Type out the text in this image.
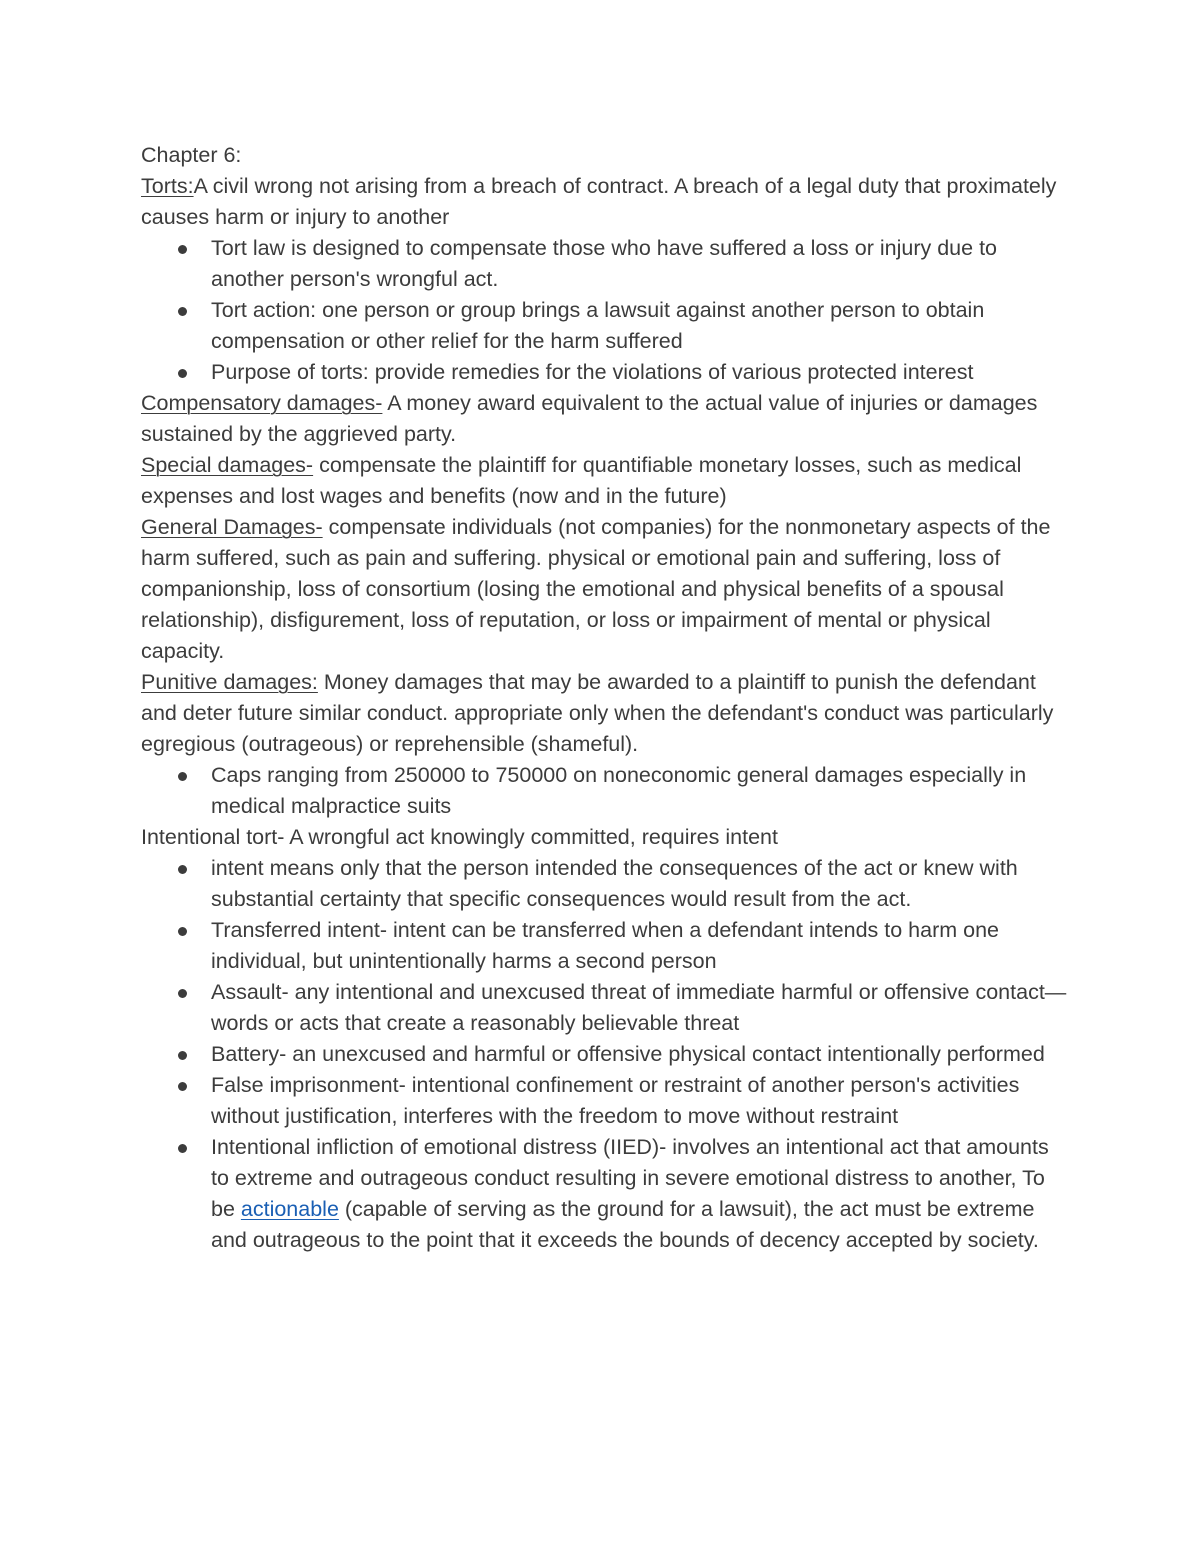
Chapter 6:

Torts:A civil wrong not arising from a breach of contract. A breach of a legal duty that proximately causes harm or injury to another

Tort law is designed to compensate those who have suffered a loss or injury due to another person's wrongful act.
Tort action: one person or group brings a lawsuit against another person to obtain compensation or other relief for the harm suffered
Purpose of torts: provide remedies for the violations of various protected interest

Compensatory damages- A money award equivalent to the actual value of injuries or damages sustained by the aggrieved party.

Special damages- compensate the plaintiff for quantifiable monetary losses, such as medical expenses and lost wages and benefits (now and in the future)

General Damages- compensate individuals (not companies) for the nonmonetary aspects of the harm suffered, such as pain and suffering. physical or emotional pain and suffering, loss of companionship, loss of consortium (losing the emotional and physical benefits of a spousal relationship), disfigurement, loss of reputation, or loss or impairment of mental or physical capacity.

Punitive damages: Money damages that may be awarded to a plaintiff to punish the defendant and deter future similar conduct. appropriate only when the defendant's conduct was particularly egregious (outrageous) or reprehensible (shameful).

Caps ranging from 250000 to 750000 on noneconomic general damages especially in medical malpractice suits

Intentional tort- A wrongful act knowingly committed, requires intent

intent means only that the person intended the consequences of the act or knew with substantial certainty that specific consequences would result from the act.
Transferred intent- intent can be transferred when a defendant intends to harm one individual, but unintentionally harms a second person
Assault- any intentional and unexcused threat of immediate harmful or offensive contact—words or acts that create a reasonably believable threat
Battery- an unexcused and harmful or offensive physical contact intentionally performed
False imprisonment- intentional confinement or restraint of another person's activities without justification, interferes with the freedom to move without restraint
Intentional infliction of emotional distress (IIED)- involves an intentional act that amounts to extreme and outrageous conduct resulting in severe emotional distress to another, To be actionable (capable of serving as the ground for a lawsuit), the act must be extreme and outrageous to the point that it exceeds the bounds of decency accepted by society.
